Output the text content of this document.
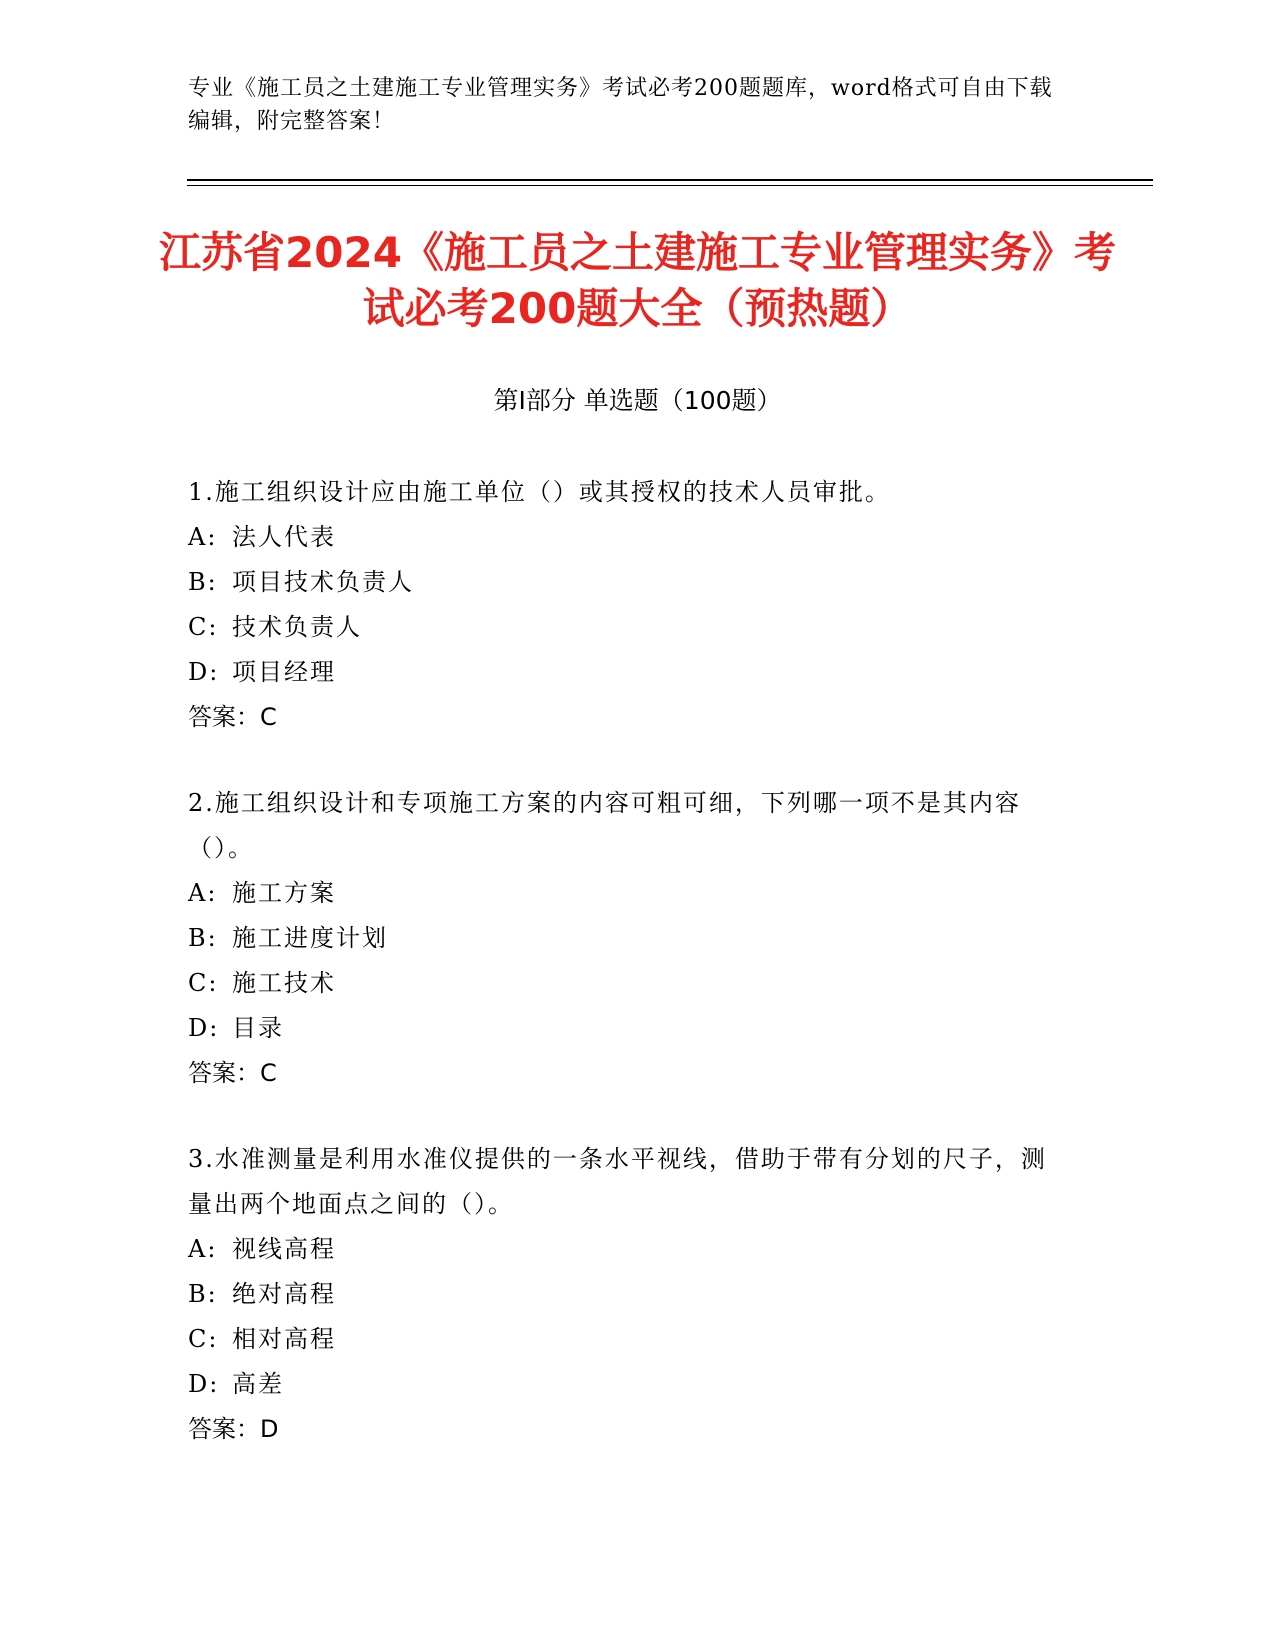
专业《施工员之土建施工专业管理实务》考试必考200题题库，word格式可自由下载编辑，附完整答案！
江苏省2024《施工员之土建施工专业管理实务》考试必考200题大全（预热题）
第Ⅰ部分 单选题（100题）
1.施工组织设计应由施工单位（）或其授权的技术人员审批。
A: 法人代表
B: 项目技术负责人
C: 技术负责人
D: 项目经理
答案：C
2.施工组织设计和专项施工方案的内容可粗可细，下列哪一项不是其内容（）。
A: 施工方案
B: 施工进度计划
C: 施工技术
D: 目录
答案：C
3.水准测量是利用水准仪提供的一条水平视线，借助于带有分划的尺子，测量出两个地面点之间的（）。
A: 视线高程
B: 绝对高程
C: 相对高程
D: 高差
答案：D
